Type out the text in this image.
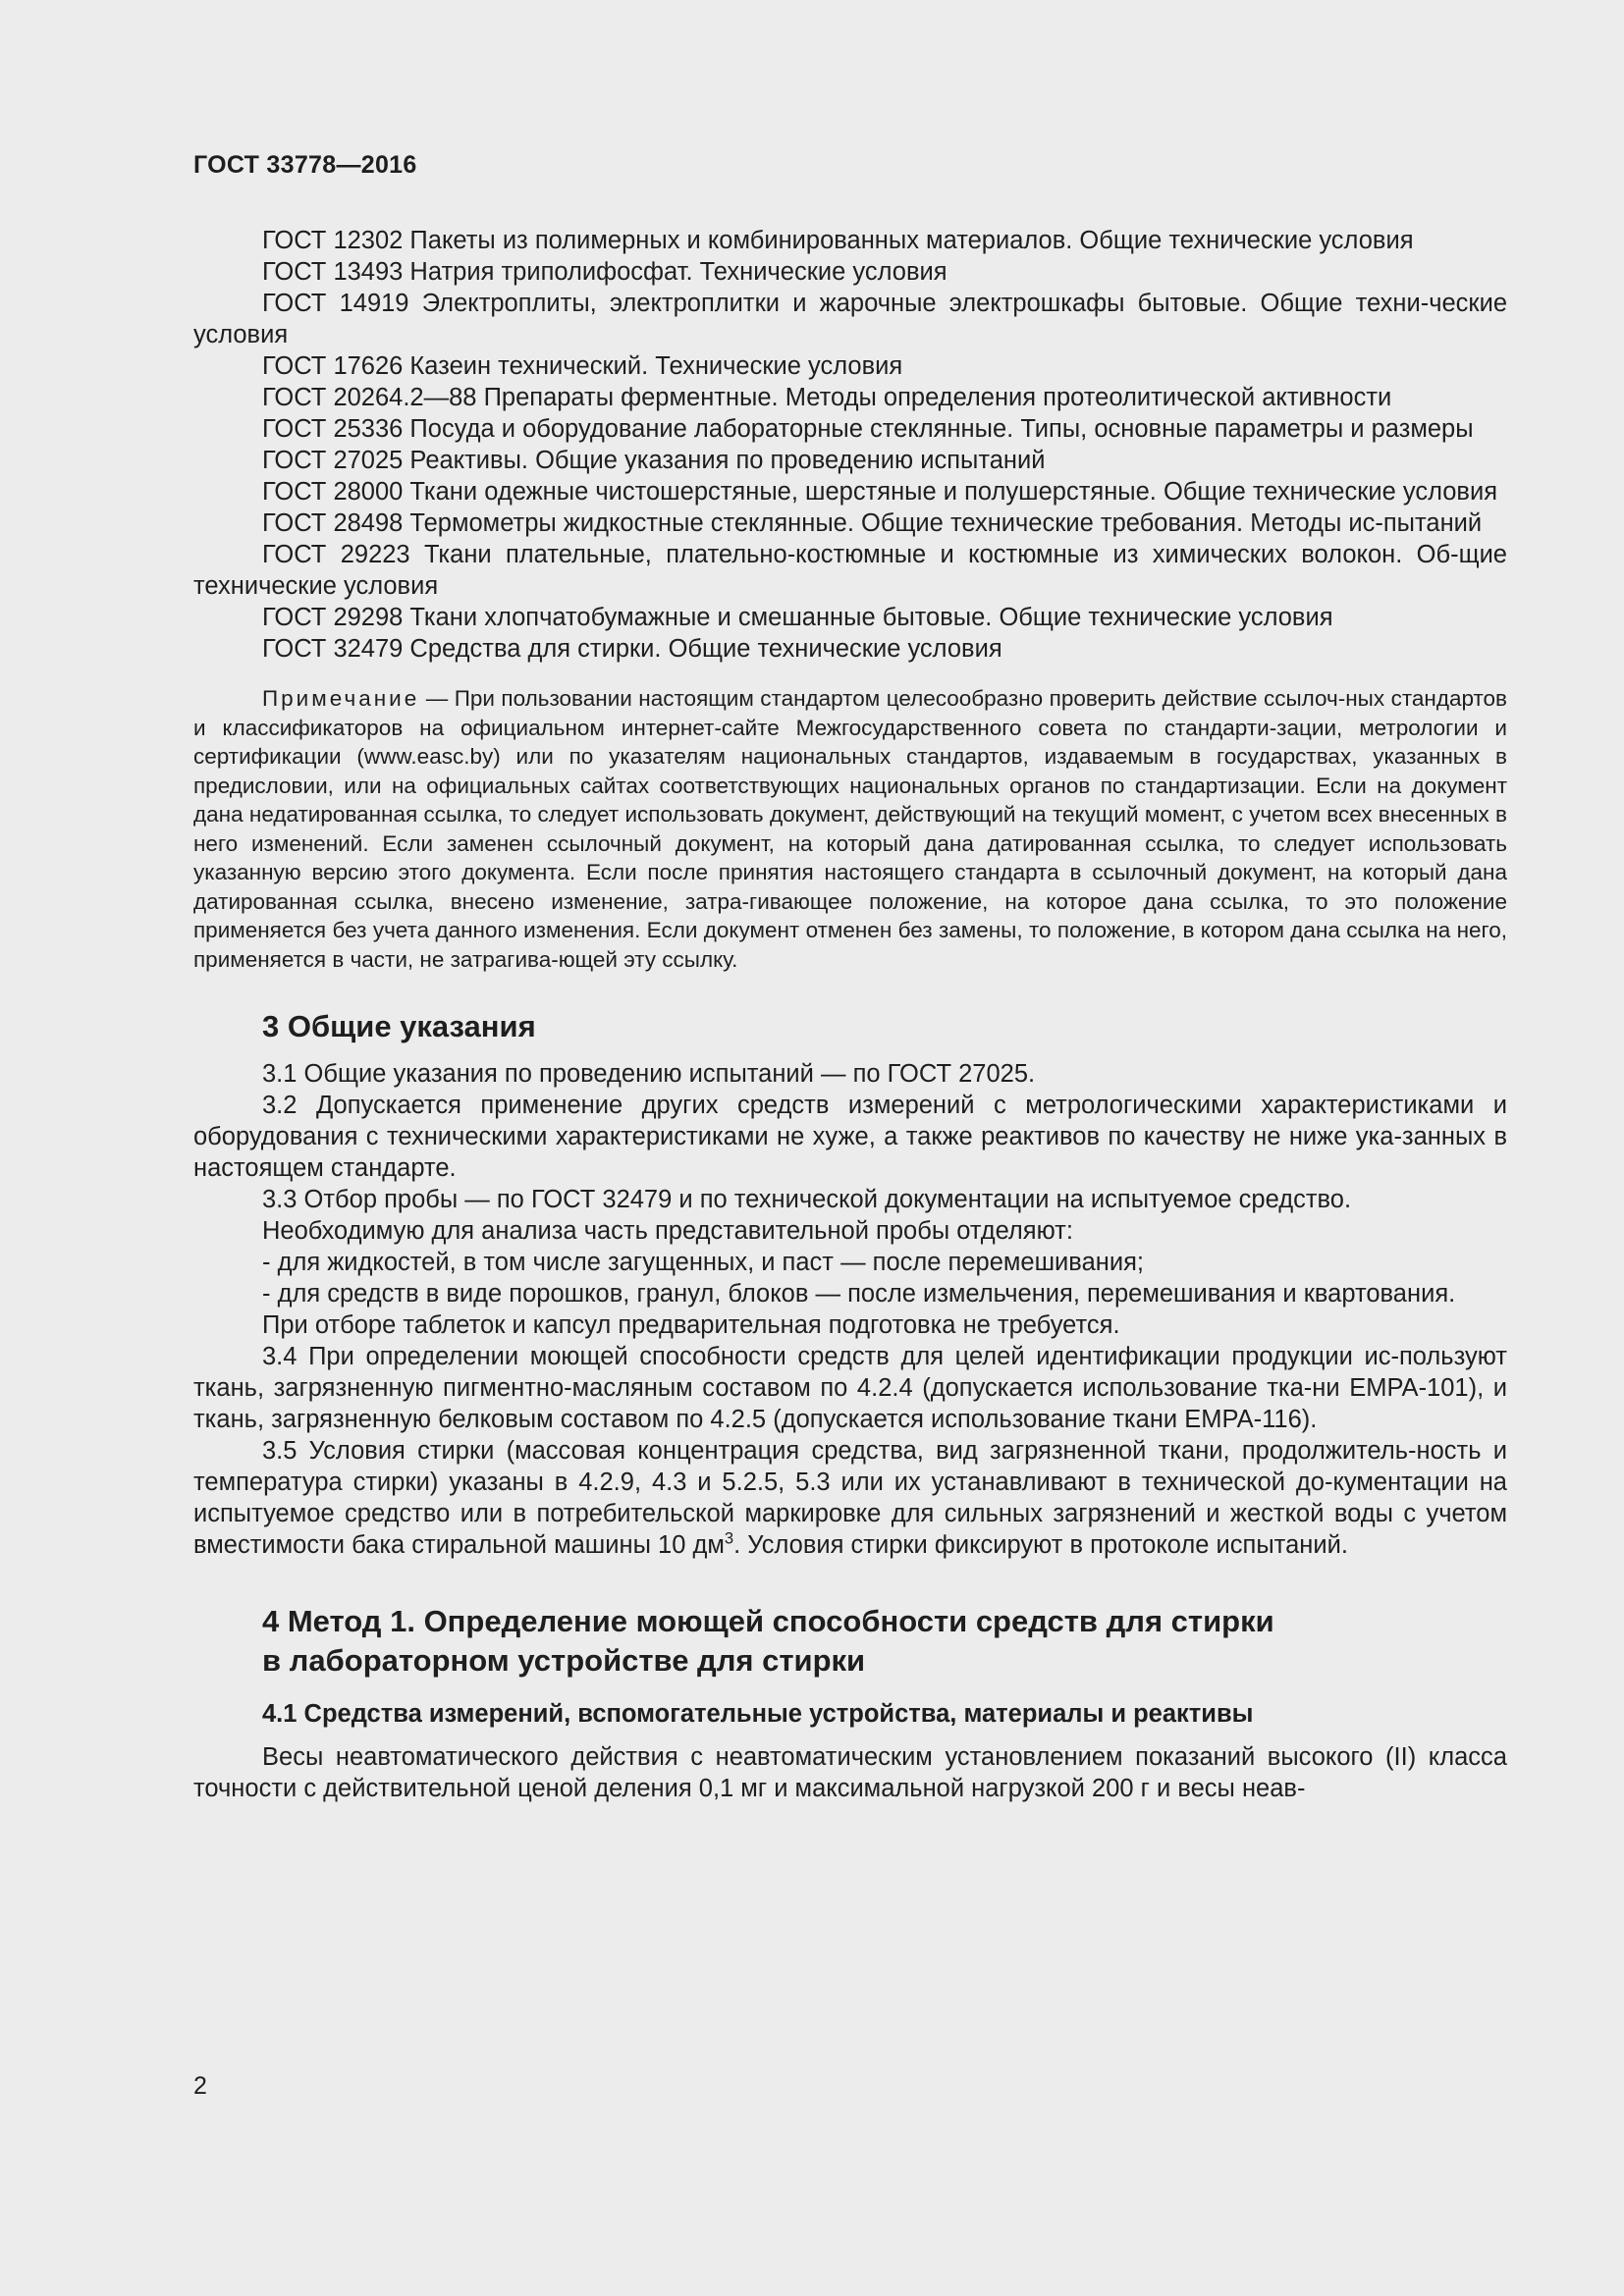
ГОСТ 33778—2016

ГОСТ 12302 Пакеты из полимерных и комбинированных материалов. Общие технические условия

ГОСТ 13493 Натрия триполифосфат. Технические условия

ГОСТ 14919 Электроплиты, электроплитки и жарочные электрошкафы бытовые. Общие техни-ческие условия

ГОСТ 17626 Казеин технический. Технические условия

ГОСТ 20264.2—88 Препараты ферментные. Методы определения протеолитической активности

ГОСТ 25336 Посуда и оборудование лабораторные стеклянные. Типы, основные параметры и размеры

ГОСТ 27025 Реактивы. Общие указания по проведению испытаний

ГОСТ 28000 Ткани одежные чистошерстяные, шерстяные и полушерстяные. Общие технические условия

ГОСТ 28498 Термометры жидкостные стеклянные. Общие технические требования. Методы ис-пытаний

ГОСТ 29223 Ткани плательные, плательно-костюмные и костюмные из химических волокон. Об-щие технические условия

ГОСТ 29298 Ткани хлопчатобумажные и смешанные бытовые. Общие технические условия

ГОСТ 32479 Средства для стирки. Общие технические условия

Примечание — При пользовании настоящим стандартом целесообразно проверить действие ссылоч-ных стандартов и классификаторов на официальном интернет-сайте Межгосударственного совета по стандарти-зации, метрологии и сертификации (www.easc.by) или по указателям национальных стандартов, издаваемым в государствах, указанных в предисловии, или на официальных сайтах соответствующих национальных органов по стандартизации. Если на документ дана недатированная ссылка, то следует использовать документ, действующий на текущий момент, с учетом всех внесенных в него изменений. Если заменен ссылочный документ, на который дана датированная ссылка, то следует использовать указанную версию этого документа. Если после принятия настоящего стандарта в ссылочный документ, на который дана датированная ссылка, внесено изменение, затра-гивающее положение, на которое дана ссылка, то это положение применяется без учета данного изменения. Если документ отменен без замены, то положение, в котором дана ссылка на него, применяется в части, не затрагива-ющей эту ссылку.

3 Общие указания

3.1 Общие указания по проведению испытаний — по ГОСТ 27025.

3.2 Допускается применение других средств измерений с метрологическими характеристиками и оборудования с техническими характеристиками не хуже, а также реактивов по качеству не ниже ука-занных в настоящем стандарте.

3.3 Отбор пробы — по ГОСТ 32479 и по технической документации на испытуемое средство.

Необходимую для анализа часть представительной пробы отделяют:

- для жидкостей, в том числе загущенных, и паст — после перемешивания;

- для средств в виде порошков, гранул, блоков — после измельчения, перемешивания и квартования.

При отборе таблеток и капсул предварительная подготовка не требуется.

3.4 При определении моющей способности средств для целей идентификации продукции ис-пользуют ткань, загрязненную пигментно-масляным составом по 4.2.4 (допускается использование тка-ни EMPA-101), и ткань, загрязненную белковым составом по 4.2.5 (допускается использование ткани EMPA-116).

3.5 Условия стирки (массовая концентрация средства, вид загрязненной ткани, продолжитель-ность и температура стирки) указаны в 4.2.9, 4.3 и 5.2.5, 5.3 или их устанавливают в технической до-кументации на испытуемое средство или в потребительской маркировке для сильных загрязнений и жесткой воды с учетом вместимости бака стиральной машины 10 $дм^3$. Условия стирки фиксируют в протоколе испытаний.

4 Метод 1. Определение моющей способности средств для стирки
в лабораторном устройстве для стирки
4.1 Средства измерений, вспомогательные устройства, материалы и реактивы

Весы неавтоматического действия с неавтоматическим установлением показаний высокого (II) класса точности с действительной ценой деления 0,1 мг и максимальной нагрузкой 200 г и весы неав-

2
